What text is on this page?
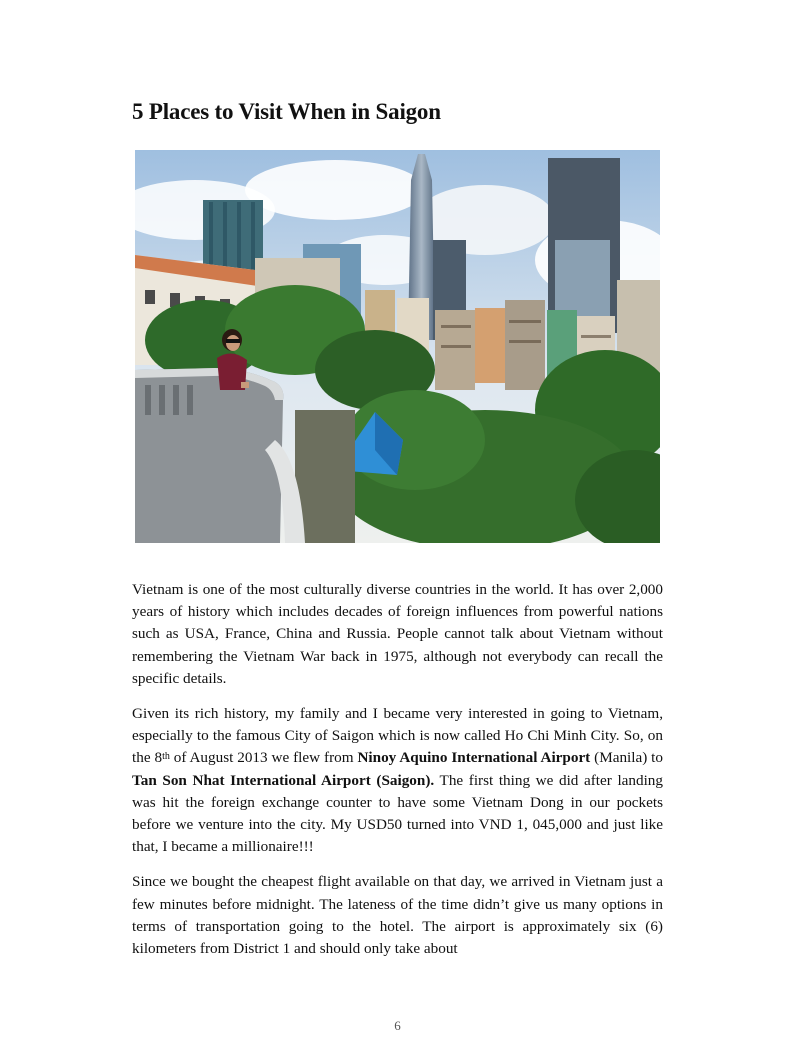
5 Places to Visit When in Saigon

Vietnam is one of the most culturally diverse countries in the world. It has over 2,000 years of history which includes decades of foreign influences from powerful nations such as USA, France, China and Russia. People cannot talk about Vietnam without remembering the Vietnam War back in 1975, although not everybody can recall the specific details.

Given its rich history, my family and I became very interested in going to Vietnam, especially to the famous City of Saigon which is now called Ho Chi Minh City. So, on the 8th of August 2013 we flew from Ninoy Aquino International Airport (Manila) to Tan Son Nhat International Airport (Saigon). The first thing we did after landing was hit the foreign exchange counter to have some Vietnam Dong in our pockets before we venture into the city. My USD50 turned into VND 1, 045,000 and just like that, I became a millionaire!!!

Since we bought the cheapest flight available on that day, we arrived in Vietnam just a few minutes before midnight. The lateness of the time didn’t give us many options in terms of transportation going to the hotel. The airport is approximately six (6) kilometers from District 1 and should only take about

6
